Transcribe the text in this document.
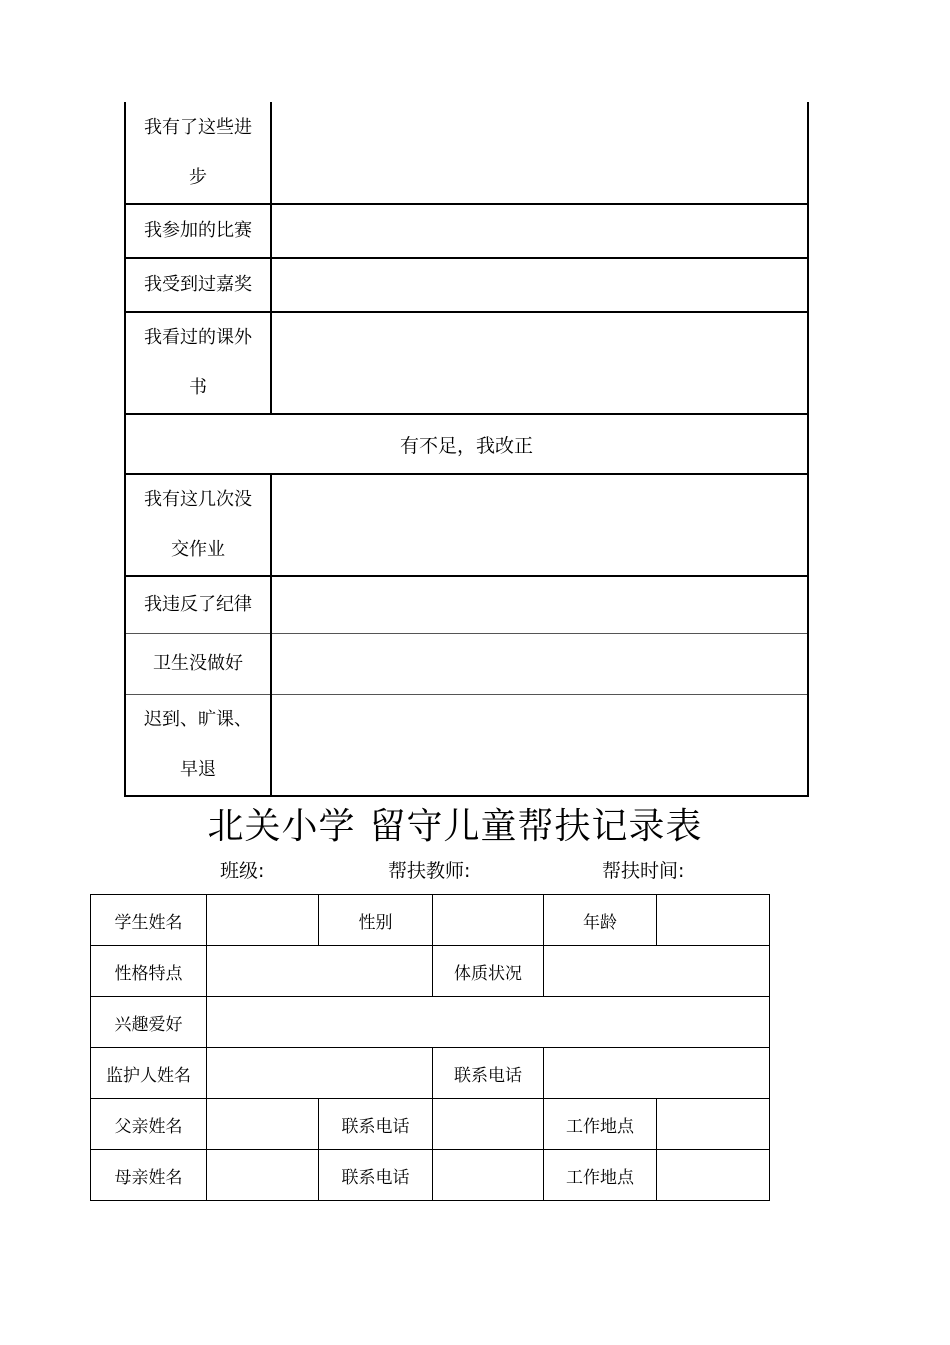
我有了这些进
步	
我参加的比赛	
我受到过嘉奖	
我看过的课外
书	
有不足，我改正	
我有这几次没
交作业	
我违反了纪律	
卫生没做好	
迟到、旷课、
早退	
北关小学 留守儿童帮扶记录表
班级:	帮扶教师:	帮扶时间:
学生姓名		性别		年龄	
性格特点			体质状况		
兴趣爱好					
监护人姓名			联系电话		
父亲姓名		联系电话		工作地点	
母亲姓名		联系电话		工作地点	
